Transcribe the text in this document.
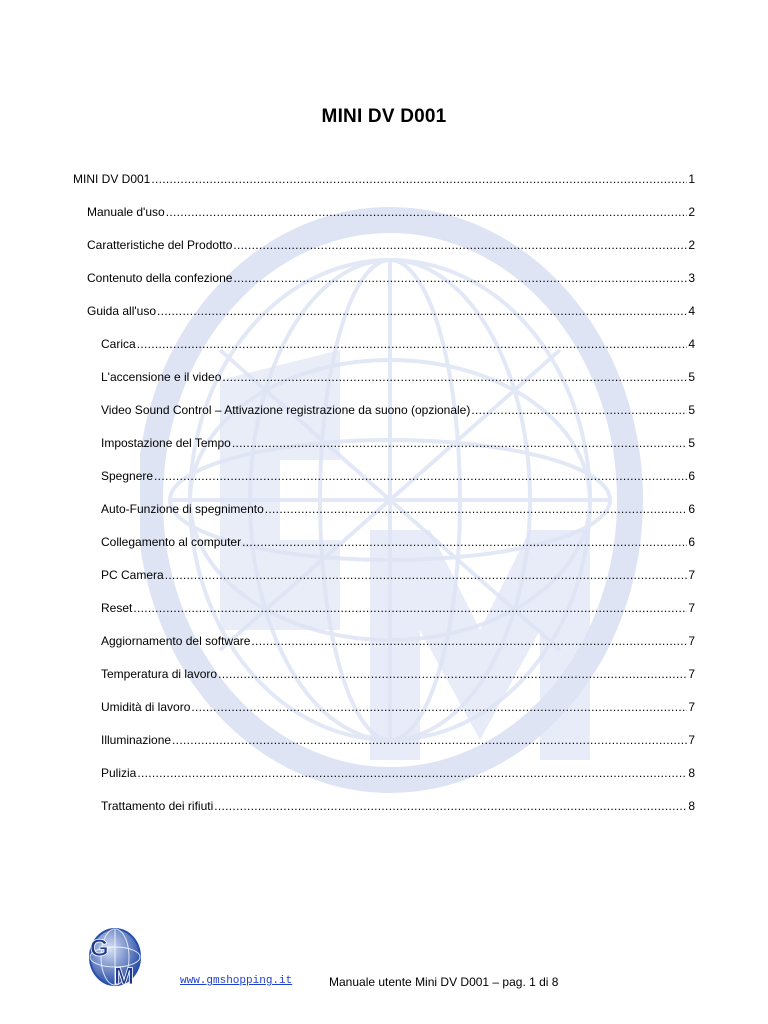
MINI DV D001
MINI DV D001 .....	1
Manuale d'uso .....	2
Caratteristiche del Prodotto .....	2
Contenuto della confezione .....	3
Guida all'uso .....	4
Carica .....	4
L'accensione e il video .....	5
Video Sound Control – Attivazione registrazione da suono (opzionale) .....	5
Impostazione del Tempo .....	5
Spegnere .....	6
Auto-Funzione di spegnimento .....	6
Collegamento al computer .....	6
PC Camera .....	7
Reset .....	7
Aggiornamento del software .....	7
Temperatura di lavoro .....	7
Umidità di lavoro .....	7
Illuminazione .....	7
Pulizia .....	8
Trattamento dei rifiuti .....	8
G
M	www.gmshopping.it	Manuale utente Mini DV D001 – pag. 1 di 8
